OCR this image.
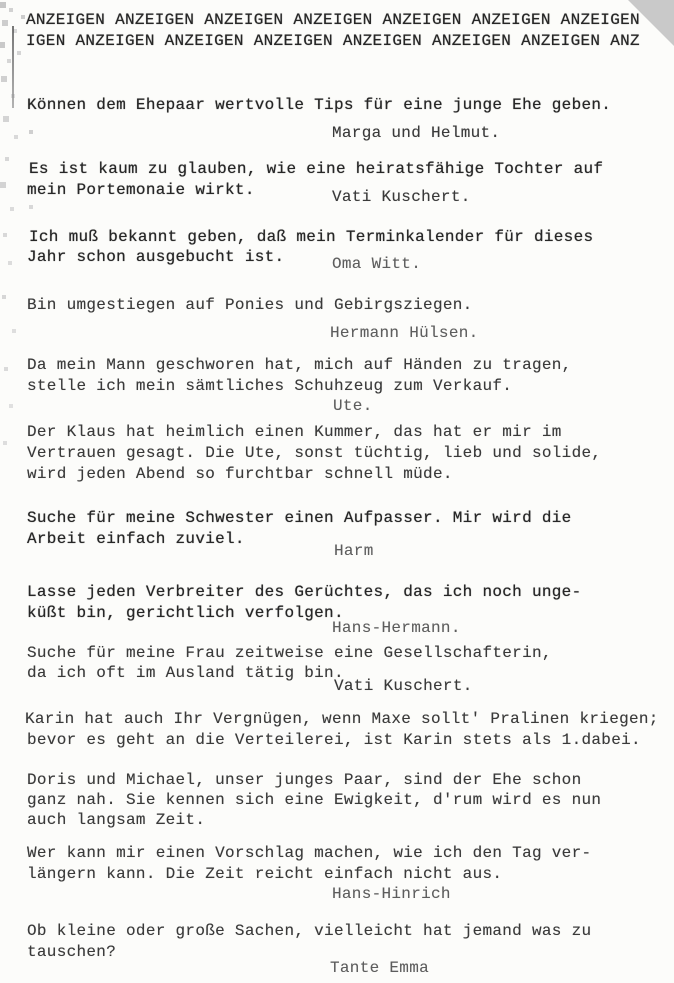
ANZEIGEN ANZEIGEN ANZEIGEN ANZEIGEN ANZEIGEN ANZEIGEN ANZEIGEN
IGEN ANZEIGEN ANZEIGEN ANZEIGEN ANZEIGEN ANZEIGEN ANZEIGEN ANZ
Können dem Ehepaar wertvolle Tips für eine junge Ehe geben.
Marga und Helmut.
Es ist kaum zu glauben, wie eine heiratsfähige Tochter auf
mein Portemonaie wirkt.	Vati Kuschert.
Ich muß bekannt geben, daß mein Terminkalender für dieses
Jahr schon ausgebucht ist.	Oma Witt.
Bin umgestiegen auf Ponies und Gebirgsziegen.
Hermann Hülsen.
Da mein Mann geschworen hat, mich auf Händen zu tragen,
stelle ich mein sämtliches Schuhzeug zum Verkauf.
Ute.
Der Klaus hat heimlich einen Kummer, das hat er mir im
Vertrauen gesagt. Die Ute, sonst tüchtig, lieb und solide,
wird jeden Abend so furchtbar schnell müde.
Suche für meine Schwester einen Aufpasser. Mir wird die
Arbeit einfach zuviel.
Harm
Lasse jeden Verbreiter des Gerüchtes, das ich noch unge-
küßt bin, gerichtlich verfolgen.
Hans-Hermann.
Suche für meine Frau zeitweise eine Gesellschafterin,
da ich oft im Ausland tätig bin.
Vati Kuschert.
Karin hat auch Ihr Vergnügen, wenn Maxe sollt' Pralinen kriegen;
bevor es geht an die Verteilerei, ist Karin stets als 1.dabei.
Doris und Michael, unser junges Paar, sind der Ehe schon
ganz nah. Sie kennen sich eine Ewigkeit, d'rum wird es nun
auch langsam Zeit.
Wer kann mir einen Vorschlag machen, wie ich den Tag ver-
längern kann. Die Zeit reicht einfach nicht aus.
Hans-Hinrich
Ob kleine oder große Sachen, vielleicht hat jemand was zu
tauschen?
Tante Emma
